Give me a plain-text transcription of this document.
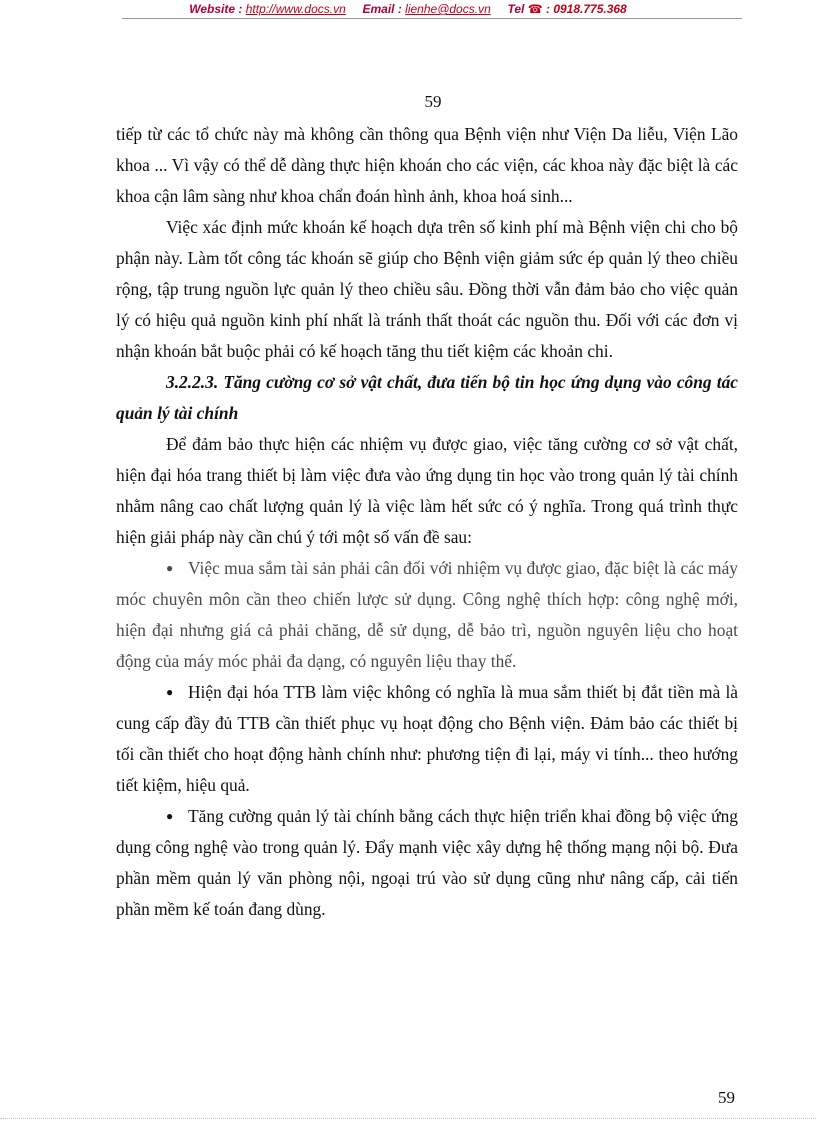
Website : http://www.docs.vn Email : lienhe@docs.vn Tel ☎ : 0918.775.368
59

tiếp từ các tổ chức này mà không cần thông qua Bệnh viện như Viện Da liễu, Viện Lão khoa ... Vì vậy có thể dễ dàng thực hiện khoán cho các viện, các khoa này đặc biệt là các khoa cận lâm sàng như khoa chẩn đoán hình ảnh, khoa hoá sinh...

Việc xác định mức khoán kế hoạch dựa trên số kinh phí mà Bệnh viện chi cho bộ phận này. Làm tốt công tác khoán sẽ giúp cho Bệnh viện giảm sức ép quản lý theo chiều rộng, tập trung nguồn lực quản lý theo chiều sâu. Đồng thời vẫn đảm bảo cho việc quản lý có hiệu quả nguồn kinh phí nhất là tránh thất thoát các nguồn thu. Đối với các đơn vị nhận khoán bắt buộc phải có kế hoạch tăng thu tiết kiệm các khoản chi.

3.2.2.3. Tăng cường cơ sở vật chất, đưa tiến bộ tin học ứng dụng vào công tác quản lý tài chính

Để đảm bảo thực hiện các nhiệm vụ được giao, việc tăng cường cơ sở vật chất, hiện đại hóa trang thiết bị làm việc đưa vào ứng dụng tin học vào trong quản lý tài chính nhằm nâng cao chất lượng quản lý là việc làm hết sức có ý nghĩa. Trong quá trình thực hiện giải pháp này cần chú ý tới một số vấn đề sau:

● Việc mua sắm tài sản phải cân đối với nhiệm vụ được giao, đặc biệt là các máy móc chuyên môn cần theo chiến lược sử dụng. Công nghệ thích hợp: công nghệ mới, hiện đại nhưng giá cả phải chăng, dễ sử dụng, dễ bảo trì, nguồn nguyên liệu cho hoạt động của máy móc phải đa dạng, có nguyên liệu thay thế.

● Hiện đại hóa TTB làm việc không có nghĩa là mua sắm thiết bị đắt tiền mà là cung cấp đầy đủ TTB cần thiết phục vụ hoạt động cho Bệnh viện. Đảm bảo các thiết bị tối cần thiết cho hoạt động hành chính như: phương tiện đi lại, máy vi tính... theo hướng tiết kiệm, hiệu quả.

● Tăng cường quản lý tài chính bằng cách thực hiện triển khai đồng bộ việc ứng dụng công nghệ vào trong quản lý. Đẩy mạnh việc xây dựng hệ thống mạng nội bộ. Đưa phần mềm quản lý văn phòng nội, ngoại trú vào sử dụng cũng như nâng cấp, cải tiến phần mềm kế toán đang dùng.

59
